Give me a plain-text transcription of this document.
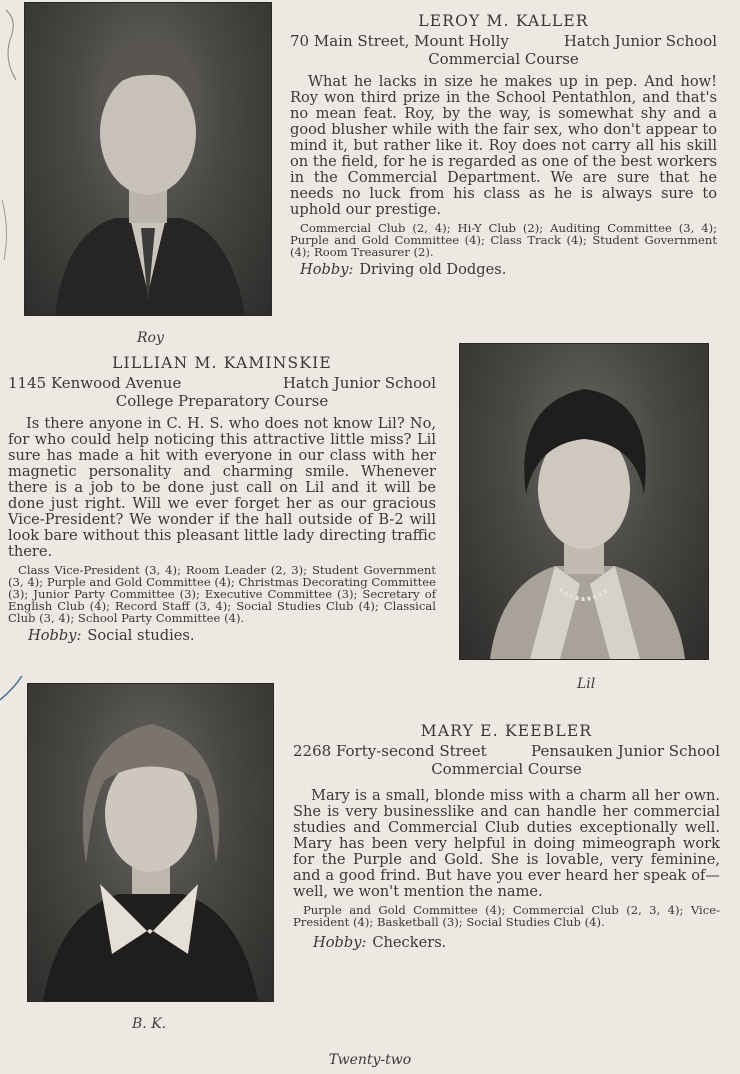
Roy
LEROY M. KALLER
70 Main Street, Mount Holly	Hatch Junior School
Commercial Course

What he lacks in size he makes up in pep. And how! Roy won third prize in the School Pentathlon, and that's no mean feat. Roy, by the way, is somewhat shy and a good blusher while with the fair sex, who don't appear to mind it, but rather like it. Roy does not carry all his skill on the field, for he is regarded as one of the best workers in the Commercial Department. We are sure that he needs no luck from his class as he is always sure to uphold our prestige.

Commercial Club (2, 4); Hi-Y Club (2); Auditing Committee (3, 4); Purple and Gold Committee (4); Class Track (4); Student Government (4); Room Treasurer (2).

Hobby: Driving old Dodges.
LILLIAN M. KAMINSKIE
1145 Kenwood Avenue	Hatch Junior School
College Preparatory Course

Is there anyone in C. H. S. who does not know Lil? No, for who could help noticing this attractive little miss? Lil sure has made a hit with everyone in our class with her magnetic personality and charming smile. Whenever there is a job to be done just call on Lil and it will be done just right. Will we ever forget her as our gracious Vice-President? We wonder if the hall outside of B-2 will look bare without this pleasant little lady directing traffic there.

Class Vice-President (3, 4); Room Leader (2, 3); Student Government (3, 4); Purple and Gold Committee (4); Christmas Decorating Committee (3); Junior Party Committee (3); Executive Committee (3); Secretary of English Club (4); Record Staff (3, 4); Social Studies Club (4); Classical Club (3, 4); School Party Committee (4).

Hobby: Social studies.
Lil
B. K.
MARY E. KEEBLER
2268 Forty-second Street	Pensauken Junior School
Commercial Course

Mary is a small, blonde miss with a charm all her own. She is very businesslike and can handle her commercial studies and Commercial Club duties exceptionally well. Mary has been very helpful in doing mimeograph work for the Purple and Gold. She is lovable, very feminine, and a good frind. But have you ever heard her speak of—well, we won't mention the name.

Purple and Gold Committee (4); Commercial Club (2, 3, 4); Vice-President (4); Basketball (3); Social Studies Club (4).

Hobby: Checkers.
Twenty-two
